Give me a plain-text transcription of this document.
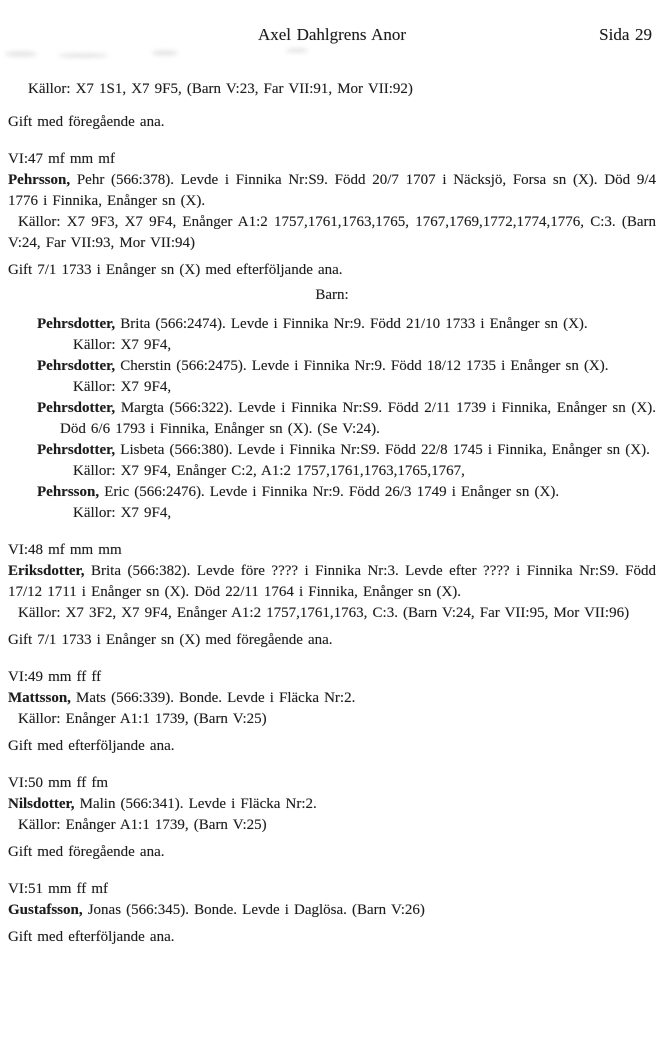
Axel Dahlgrens Anor	Sida 29

Källor: X7 1S1, X7 9F5, (Barn V:23, Far VII:91, Mor VII:92)

Gift med föregående ana.

VI:47 mf mm mf

Pehrsson, Pehr (566:378). Levde i Finnika Nr:S9. Född 20/7 1707 i Näcksjö, Forsa sn (X). Död 9/4 1776 i Finnika, Enånger sn (X).

Källor: X7 9F3, X7 9F4, Enånger A1:2 1757,1761,1763,1765, 1767,1769,1772,1774,1776, C:3. (Barn V:24, Far VII:93, Mor VII:94)

Gift 7/1 1733 i Enånger sn (X) med efterföljande ana.

Barn:

Pehrsdotter, Brita (566:2474). Levde i Finnika Nr:9. Född 21/10 1733 i Enånger sn (X).

Källor: X7 9F4,

Pehrsdotter, Cherstin (566:2475). Levde i Finnika Nr:9. Född 18/12 1735 i Enånger sn (X).

Källor: X7 9F4,

Pehrsdotter, Margta (566:322). Levde i Finnika Nr:S9. Född 2/11 1739 i Finnika, Enånger sn (X). Död 6/6 1793 i Finnika, Enånger sn (X). (Se V:24).

Pehrsdotter, Lisbeta (566:380). Levde i Finnika Nr:S9. Född 22/8 1745 i Finnika, Enånger sn (X).

Källor: X7 9F4, Enånger C:2, A1:2 1757,1761,1763,1765,1767,

Pehrsson, Eric (566:2476). Levde i Finnika Nr:9. Född 26/3 1749 i Enånger sn (X).

Källor: X7 9F4,

VI:48 mf mm mm

Eriksdotter, Brita (566:382). Levde före ???? i Finnika Nr:3. Levde efter ???? i Finnika Nr:S9. Född 17/12 1711 i Enånger sn (X). Död 22/11 1764 i Finnika, Enånger sn (X).

Källor: X7 3F2, X7 9F4, Enånger A1:2 1757,1761,1763, C:3. (Barn V:24, Far VII:95, Mor VII:96)

Gift 7/1 1733 i Enånger sn (X) med föregående ana.

VI:49 mm ff ff

Mattsson, Mats (566:339). Bonde. Levde i Fläcka Nr:2.

Källor: Enånger A1:1 1739, (Barn V:25)

Gift med efterföljande ana.

VI:50 mm ff fm

Nilsdotter, Malin (566:341). Levde i Fläcka Nr:2.

Källor: Enånger A1:1 1739, (Barn V:25)

Gift med föregående ana.

VI:51 mm ff mf

Gustafsson, Jonas (566:345). Bonde. Levde i Daglösa. (Barn V:26)

Gift med efterföljande ana.
